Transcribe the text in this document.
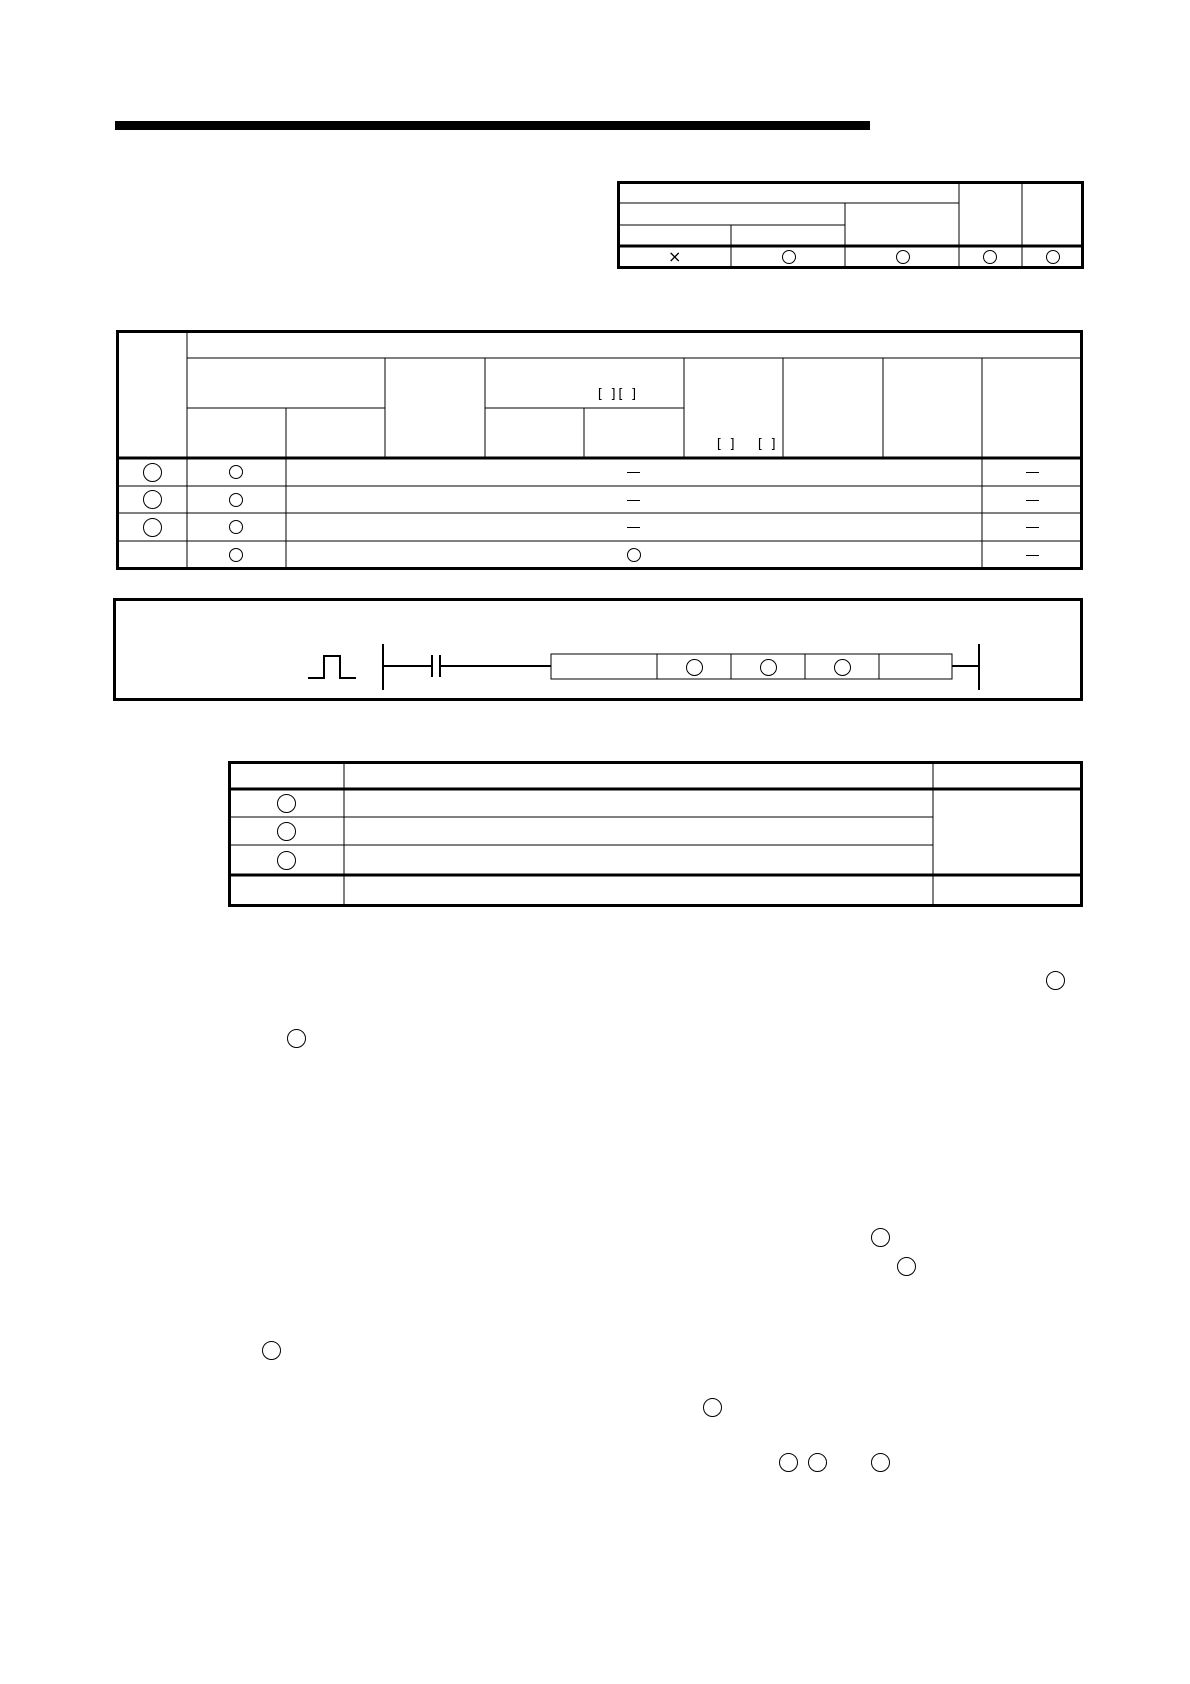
×
[ ][ ]
[ ]   [ ]
